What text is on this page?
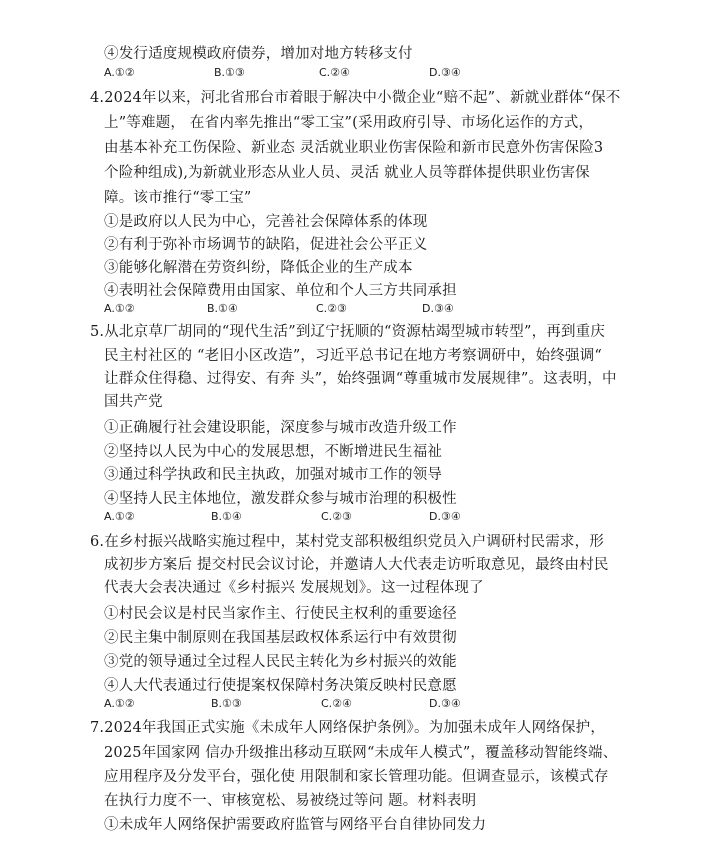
④发行适度规模政府债券，增加对地方转移支付
A.①②	B.①③	C.②④	D.③④
4.2024年以来，河北省邢台市着眼于解决中小微企业“赔不起”、新就业群体“保不
上”等难题， 在省内率先推出“零工宝”(采用政府引导、市场化运作的方式，
由基本补充工伤保险、新业态 灵活就业职业伤害保险和新市民意外伤害保险3
个险种组成),为新就业形态从业人员、灵活 就业人员等群体提供职业伤害保
障。该市推行“零工宝”
①是政府以人民为中心，完善社会保障体系的体现
②有利于弥补市场调节的缺陷，促进社会公平正义
③能够化解潜在劳资纠纷，降低企业的生产成本
④表明社会保障费用由国家、单位和个人三方共同承担
A.①②	B.①④	C.②③	D.③④
5.从北京草厂胡同的“现代生活”到辽宁抚顺的“资源枯竭型城市转型”，再到重庆
民主村社区的 “老旧小区改造”，习近平总书记在地方考察调研中，始终强调“
让群众住得稳、过得安、有奔 头”，始终强调“尊重城市发展规律”。这表明，中
国共产党
①正确履行社会建设职能，深度参与城市改造升级工作
②坚持以人民为中心的发展思想，不断增进民生福祉
③通过科学执政和民主执政，加强对城市工作的领导
④坚持人民主体地位，激发群众参与城市治理的积极性
A.①②	B.①④	C.②③	D.③④
6.在乡村振兴战略实施过程中，某村党支部积极组织党员入户调研村民需求，形
成初步方案后 提交村民会议讨论，并邀请人大代表走访听取意见，最终由村民
代表大会表决通过《乡村振兴 发展规划》。这一过程体现了
①村民会议是村民当家作主、行使民主权利的重要途径
②民主集中制原则在我国基层政权体系运行中有效贯彻
③党的领导通过全过程人民民主转化为乡村振兴的效能
④人大代表通过行使提案权保障村务决策反映村民意愿
A.①②	B.①③	C.②④	D.③④
7.2024年我国正式实施《未成年人网络保护条例》。为加强未成年人网络保护，
2025年国家网 信办升级推出移动互联网“未成年人模式”，覆盖移动智能终端、
应用程序及分发平台，强化使 用限制和家长管理功能。但调查显示，该模式存
在执行力度不一、审核宽松、易被绕过等问 题。材料表明
①未成年人网络保护需要政府监管与网络平台自律协同发力
